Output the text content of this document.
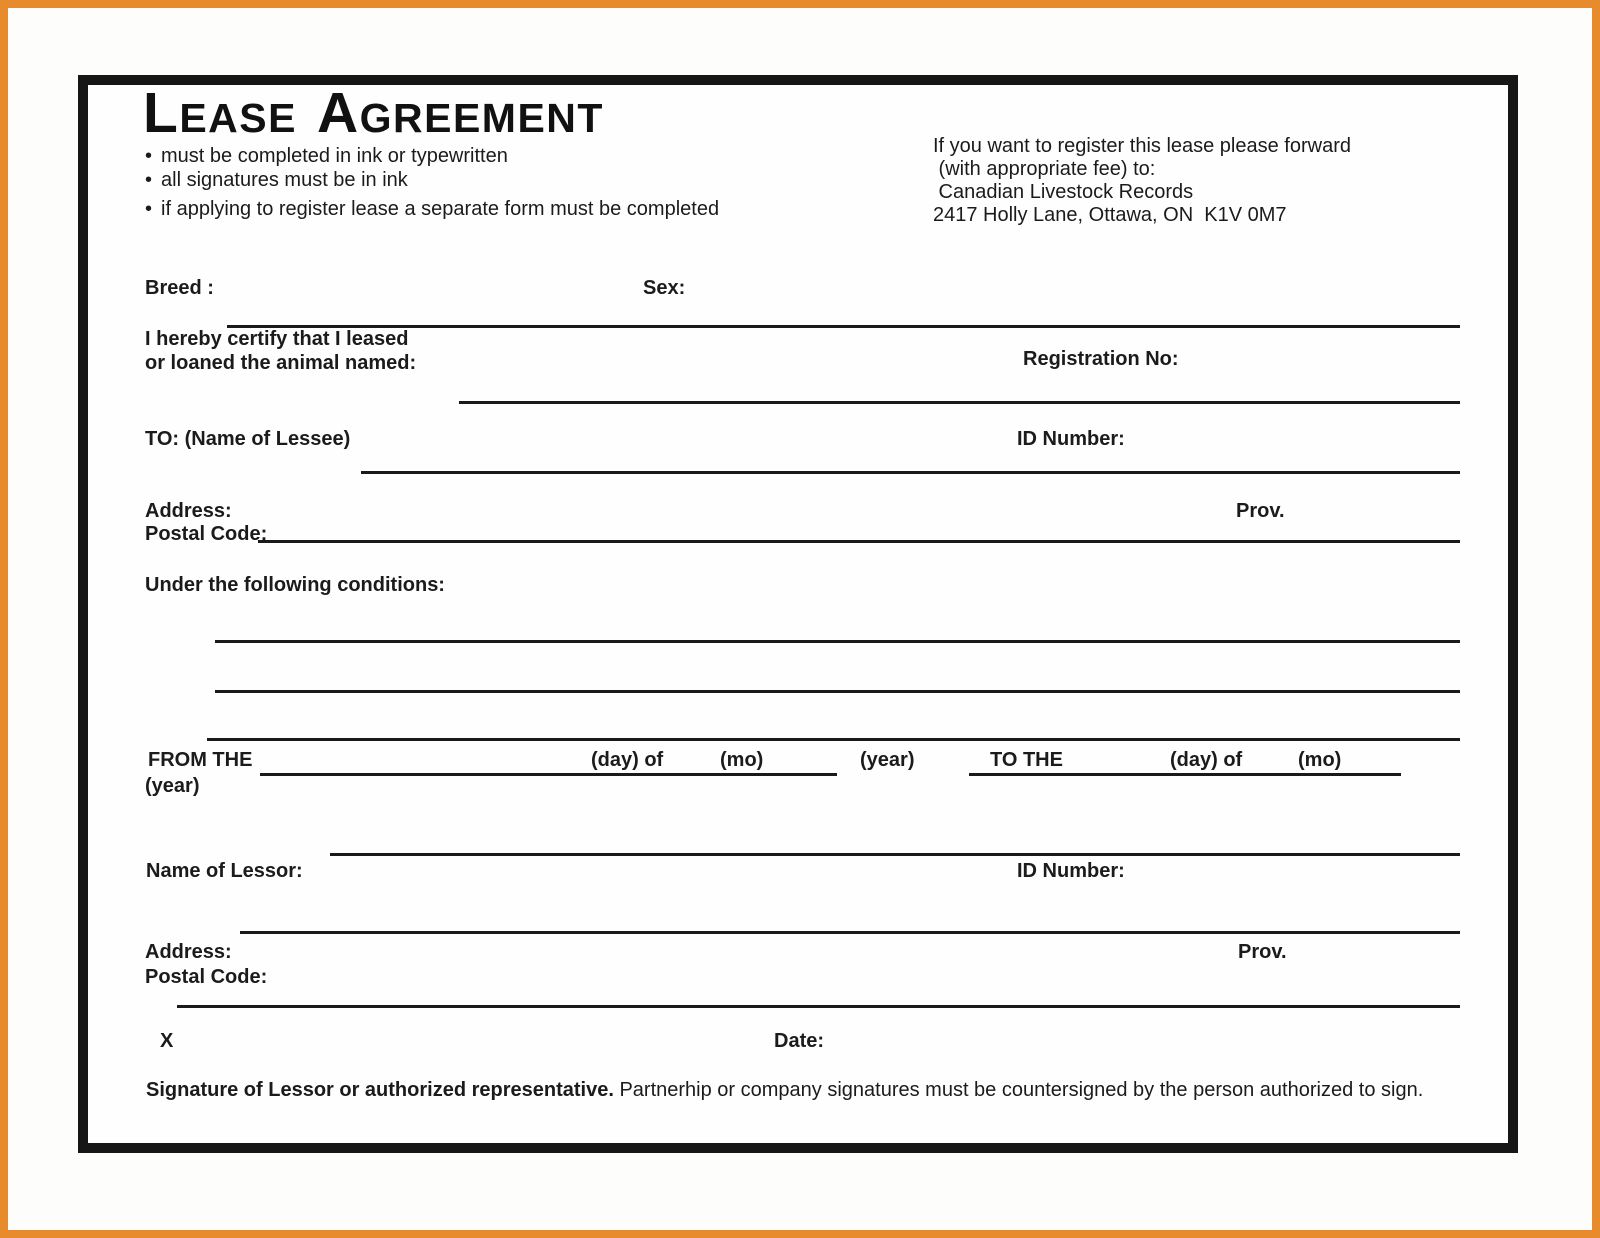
LEASE AGREEMENT
• must be completed in ink or typewritten
• all signatures must be in ink
• if applying to register lease a separate form must be completed
If you want to register this lease please forward
(with appropriate fee) to:
Canadian Livestock Records
2417 Holly Lane, Ottawa, ON  K1V 0M7
Breed :	Sex:
I hereby certify that I leased
or loaned the animal named:	Registration No:
TO: (Name of Lessee)	ID Number:
Address:	Prov.
Postal Code:
Under the following conditions:
FROM THE	(day) of	(mo)	(year)	TO THE	(day) of	(mo)
(year)
Name of Lessor:	ID Number:
Address:	Prov.
Postal Code:
X	Date:
Signature of Lessor or authorized representative. Partnerhip or company signatures must be countersigned by the person authorized to sign.
